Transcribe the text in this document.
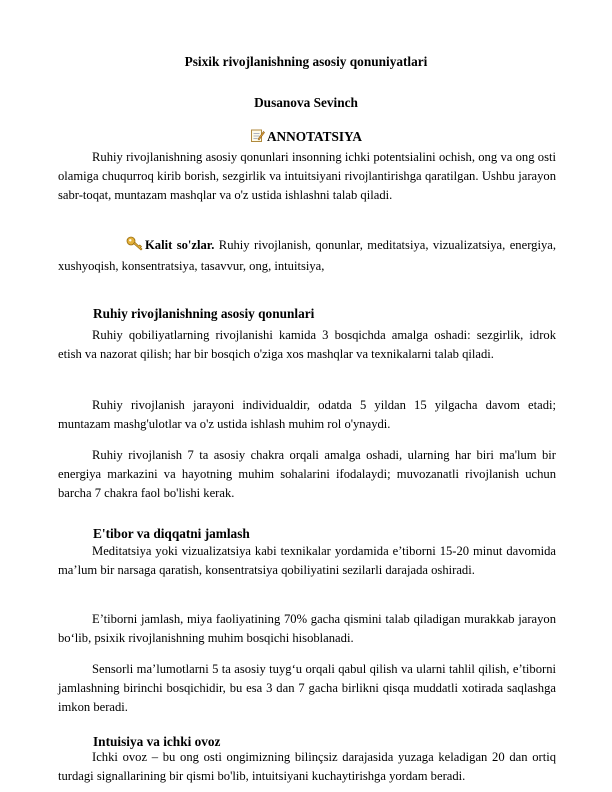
Psixik rivojlanishning asosiy qonuniyatlari

Dusanova Sevinch

ANNOTATSIYA

Ruhiy rivojlanishning asosiy qonunlari insonning ichki potentsialini ochish, ong va ong osti olamiga chuqurroq kirib borish, sezgirlik va intuitsiyani rivojlantirishga qaratilgan. Ushbu jarayon sabr-toqat, muntazam mashqlar va o'z ustida ishlashni talab qiladi.

Kalit so'zlar. Ruhiy rivojlanish, qonunlar, meditatsiya, vizualizatsiya, energiya, xushyoqish, konsentratsiya, tasavvur, ong, intuitsiya,

Ruhiy rivojlanishning asosiy qonunlari

Ruhiy qobiliyatlarning rivojlanishi kamida 3 bosqichda amalga oshadi: sezgirlik, idrok etish va nazorat qilish; har bir bosqich o'ziga xos mashqlar va texnikalarni talab qiladi.

Ruhiy rivojlanish jarayoni individualdir, odatda 5 yildan 15 yilgacha davom etadi; muntazam mashg'ulotlar va o'z ustida ishlash muhim rol o'ynaydi.

Ruhiy rivojlanish 7 ta asosiy chakra orqali amalga oshadi, ularning har biri ma'lum bir energiya markazini va hayotning muhim sohalarini ifodalaydi; muvozanatli rivojlanish uchun barcha 7 chakra faol bo'lishi kerak.

E'tibor va diqqatni jamlash

Meditatsiya yoki vizualizatsiya kabi texnikalar yordamida e’tiborni 15-20 minut davomida ma’lum bir narsaga qaratish, konsentratsiya qobiliyatini sezilarli darajada oshiradi.

E’tiborni jamlash, miya faoliyatining 70% gacha qismini talab qiladigan murakkab jarayon bo‘lib, psixik rivojlanishning muhim bosqichi hisoblanadi.

Sensorli ma’lumotlarni 5 ta asosiy tuyg‘u orqali qabul qilish va ularni tahlil qilish, e’tiborni jamlashning birinchi bosqichidir, bu esa 3 dan 7 gacha birlikni qisqa muddatli xotirada saqlashga imkon beradi.

Intuisiya va ichki ovoz

Ichki ovoz – bu ong osti ongimizning bilinçsiz darajasida yuzaga keladigan 20 dan ortiq turdagi signallarining bir qismi bo'lib, intuitsiyani kuchaytirishga yordam beradi.
